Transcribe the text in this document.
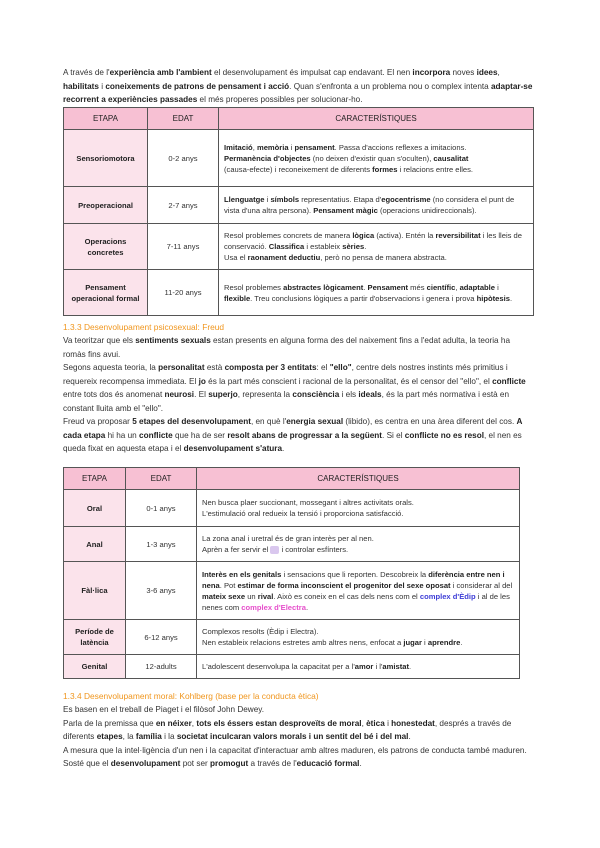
A través de l'experiència amb l'ambient el desenvolupament és impulsat cap endavant. El nen incorpora noves idees, habilitats i coneixements de patrons de pensament i acció. Quan s'enfronta a un problema nou o complex intenta adaptar-se recorrent a experiències passades el més properes possibles per solucionar-ho.

ETAPA	EDAT	CARACTERÍSTIQUES
Sensoriomotora	0-2 anys	Imitació, memòria i pensament. Passa d'accions reflexes a imitacions.
Permanència d'objectes (no deixen d'existir quan s'oculten), causalitat
(causa-efecte) i reconeixement de diferents formes i relacions entre elles.
Preoperacional	2-7 anys	Llenguatge i símbols representatius. Etapa d'egocentrisme (no considera el punt de vista d'una altra persona). Pensament màgic (operacions unidireccionals).
Operacions concretes	7-11 anys	Resol problemes concrets de manera lògica (activa). Entén la reversibilitat i les lleis de conservació. Classifica i estableix sèries.
Usa el raonament deductiu, però no pensa de manera abstracta.
Pensament operacional formal	11-20 anys	Resol problemes abstractes lògicament. Pensament més científic, adaptable i flexible. Treu conclusions lògiques a partir d'observacions i genera i prova hipòtesis.
1.3.3 Desenvolupament psicosexual: Freud

Va teoritzar que els sentiments sexuals estan presents en alguna forma des del naixement fins a l'edat adulta, la teoria ha romàs fins avui.

Segons aquesta teoria, la personalitat està composta per 3 entitats: el "ello", centre dels nostres instints més primitius i requereix recompensa immediata. El jo és la part més conscient i racional de la personalitat, és el censor del "ello", el conflicte entre tots dos és anomenat neurosi. El superjo, representa la consciència i els ideals, és la part més normativa i està en constant lluita amb el "ello".

Freud va proposar 5 etapes del desenvolupament, en què l'energia sexual (libido), es centra en una àrea diferent del cos. A cada etapa hi ha un conflicte que ha de ser resolt abans de progressar a la següent. Si el conflicte no es resol, el nen es queda fixat en aquesta etapa i el desenvolupament s'atura.

ETAPA	EDAT	CARACTERÍSTIQUES
Oral	0-1 anys	Nen busca plaer succionant, mossegant i altres activitats orals.
L'estimulació oral redueix la tensió i proporciona satisfacció.
Anal	1-3 anys	La zona anal i uretral és de gran interès per al nen.
Aprèn a fer servir el  i controlar esfínters.
Fàl·lica	3-6 anys	Interès en els genitals i sensacions que li reporten. Descobreix la diferència entre nen i nena. Pot estimar de forma inconscient el progenitor del sexe oposat i considerar al del mateix sexe un rival. Això es coneix en el cas dels nens com el complex d'Èdip i al de les nenes com complex d'Electra.
Període de latència	6-12 anys	Complexos resolts (Èdip i Electra).
Nen estableix relacions estretes amb altres nens, enfocat a jugar i aprendre.
Genital	12-adults	L'adolescent desenvolupa la capacitat per a l'amor i l'amistat.
1.3.4 Desenvolupament moral: Kohlberg (base per la conducta ètica)

Es basen en el treball de Piaget i el filòsof John Dewey.

Parla de la premissa que en néixer, tots els éssers estan desproveïts de moral, ètica i honestedat, després a través de diferents etapes, la família i la societat inculcaran valors morals i un sentit del bé i del mal.

A mesura que la intel·ligència d'un nen i la capacitat d'interactuar amb altres maduren, els patrons de conducta també maduren. Sosté que el desenvolupament pot ser promogut a través de l'educació formal.
